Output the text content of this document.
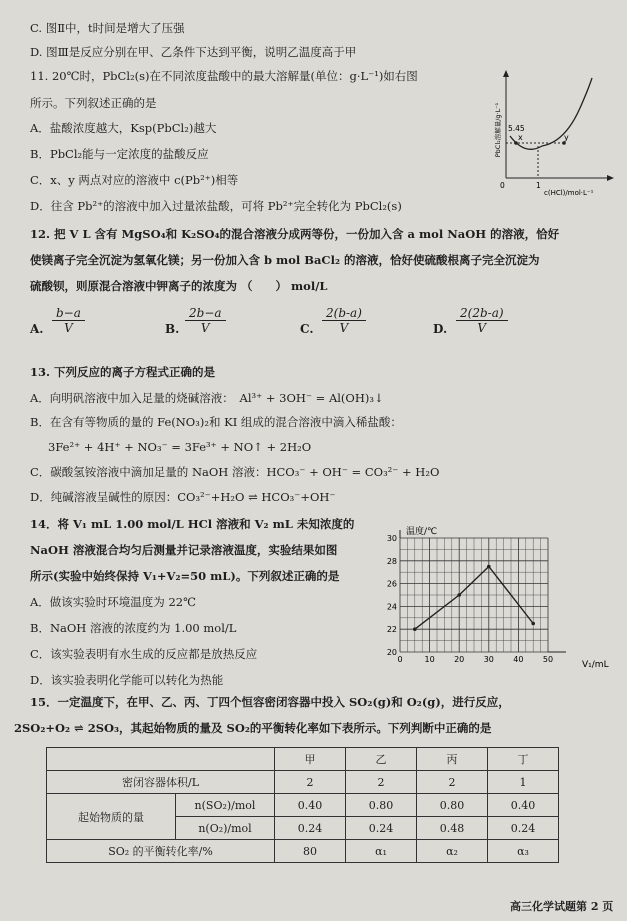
C. 图Ⅱ中，t时间是增大了压强
D. 图Ⅲ是反应分别在甲、乙条件下达到平衡，说明乙温度高于甲
11. 20℃时，PbCl₂(s)在不同浓度盐酸中的最大溶解量(单位：g·L⁻¹)如右图
所示。下列叙述正确的是
A．盐酸浓度越大，Ksp(PbCl₂)越大
B．PbCl₂能与一定浓度的盐酸反应
C．x、y 两点对应的溶液中 c(Pb²⁺)相等
D．往含 Pb²⁺的溶液中加入过量浓盐酸，可将 Pb²⁺完全转化为 PbCl₂(s)
x	y
5.45
0	1
c(HCl)/mol·L⁻¹
PbCl₂溶解量/g·L⁻¹
12. 把 V L 含有 MgSO₄和 K₂SO₄的混合溶液分成两等份，一份加入含 a mol NaOH 的溶液，恰好
使镁离子完全沉淀为氢氧化镁；另一份加入含 b mol BaCl₂ 的溶液，恰好使硫酸根离子完全沉淀为
硫酸钡，则原混合溶液中钾离子的浓度为 （　　） mol/L
A. $\frac{b-a}{V}$	B. $\frac{2b-a}{V}$	C. $\frac{2(b-a)}{V}$	D. $\frac{2(2b-a)}{V}$
13. 下列反应的离子方程式正确的是
A．向明矾溶液中加入足量的烧碱溶液：　Al³⁺ + 3OH⁻ = Al(OH)₃↓
B．在含有等物质的量的 Fe(NO₃)₂和 KI 组成的混合溶液中滴入稀盐酸：
3Fe²⁺ + 4H⁺ + NO₃⁻ = 3Fe³⁺ + NO↑ + 2H₂O
C．碳酸氢铵溶液中滴加足量的 NaOH 溶液：HCO₃⁻ + OH⁻ = CO₃²⁻ + H₂O
D．纯碱溶液呈碱性的原因：CO₃²⁻+H₂O ⇌ HCO₃⁻+OH⁻
14．将 V₁ mL 1.00 mol/L HCl 溶液和 V₂ mL 未知浓度的
NaOH 溶液混合均匀后测量并记录溶液温度，实验结果如图
所示(实验中始终保持 V₁+V₂=50 mL)。下列叙述正确的是
A．做该实验时环境温度为 22℃
B．NaOH 溶液的浓度约为 1.00 mol/L
C．该实验表明有水生成的反应都是放热反应
D．该实验表明化学能可以转化为热能
0	10 20 30 40 50
20
22
24
26
28
30
温度/℃
V₁/mL
15．一定温度下，在甲、乙、丙、丁四个恒容密闭容器中投入 SO₂(g)和 O₂(g)，进行反应，
2SO₂+O₂ ⇌ 2SO₃，其起始物质的量及 SO₂的平衡转化率如下表所示。下列判断中正确的是
		甲	乙	丙	丁
密闭容器体积/L		2	2	2	1
起始物质的量	n(SO₂)/mol	0.40	0.80	0.80	0.40
	n(O₂)/mol	0.24	0.24	0.48	0.24
SO₂ 的平衡转化率/%		80	α₁	α₂	α₃
高三化学试题第 2 页
